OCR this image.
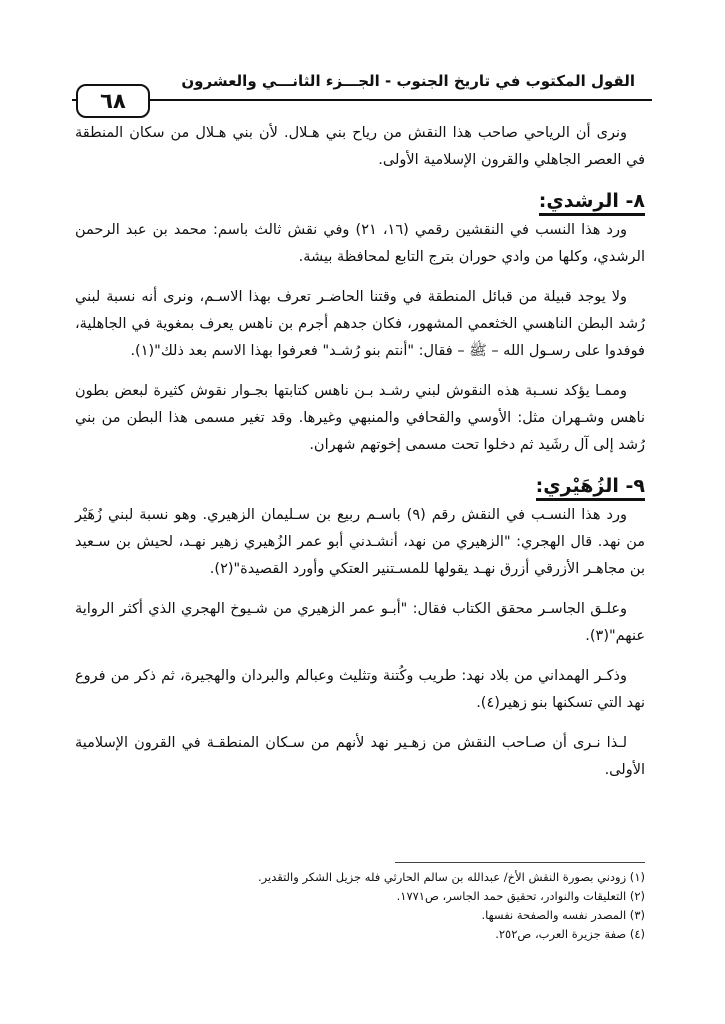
القول المكتوب في تاريخ الجنوب - الجـــزء الثانـــي والعشرون
٦٨

ونرى أن الرياحي صاحب هذا النقش من رياح بني هـلال. لأن بني هـلال من سكان المنطقة في العصر الجاهلي والقرون الإسلامية الأولى.

٨- الرشدي:

ورد هذا النسب في النقشين رقمي (١٦، ٢١) وفي نقش ثالث باسم: محمد بن عبد الرحمن الرشدي، وكلها من وادي حوران بترج التابع لمحافظة بيشة.

ولا يوجد قبيلة من قبائل المنطقة في وقتنا الحاضـر تعرف بهذا الاسـم، ونرى أنه نسبة لبني رُشد البطن الناهسي الخثعمي المشهور، فكان جدهم أجرم بن ناهس يعرف بمغوية في الجاهلية، فوفدوا على رسـول الله – ﷺ – فقال: "أنتم بنو رُشـد" فعرفوا بهذا الاسم بعد ذلك"(١).

وممـا يؤكد نسـبة هذه النقوش لبني رشـد بـن ناهس كتابتها بجـوار نقوش كثيرة لبعض بطون ناهس وشـهران مثل: الأوسي والقحافي والمنبهي وغيرها. وقد تغير مسمى هذا البطن من بني رُشد إلى آل رشَيد ثم دخلوا تحت مسمى إخوتهم شهران.

٩- الزُهَيْري:

ورد هذا النسـب في النقش رقم (٩) باسـم ربيع بن سـليمان الزهيري. وهو نسبة لبني زُهَيْر من نهد. قال الهجري: "الزهيري من نهد، أنشـدني أبو عمر الزُهيري زهير نهـد، لحيش بن سـعيد بن مجاهـر الأزرقي أزرق نهـد يقولها للمسـتنير العتكي وأورد القصيدة"(٢).

وعلـق الجاسـر محقق الكتاب فقال: "أبـو عمر الزهيري من شـيوخ الهجري الذي أكثر الرواية عنهم"(٣).

وذكـر الهمداني من بلاد نهد: طريب وكُتنة وتثليث وعبالم والبردان والهجيرة، ثم ذكر من فروع نهد التي تسكنها بنو زهير(٤).

لـذا نـرى أن صـاحب النقش من زهـير نهد لأنهم من سـكان المنطقـة في القرون الإسلامية الأولى.

(١) زودني بصورة النقش الأخ/ عبدالله بن سالم الحارثي فله جزيل الشكر والتقدير.
(٢) التعليقات والنوادر، تحقيق حمد الجاسر، ص١٧٧١.
(٣) المصدر نفسه والصفحة نفسها.
(٤) صفة جزيرة العرب، ص٢٥٢.
